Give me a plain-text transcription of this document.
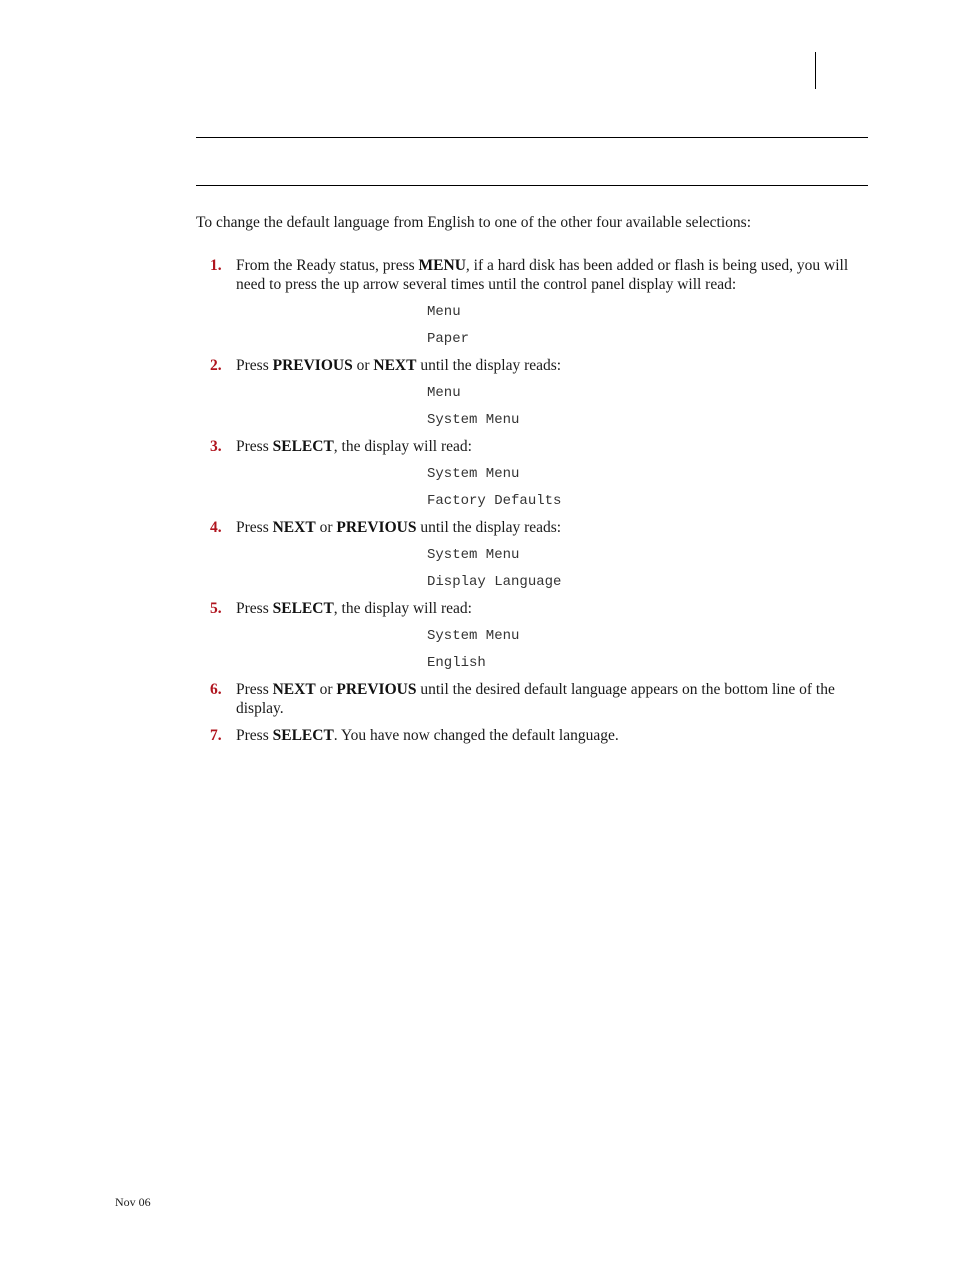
To change the default language from English to one of the other four available selections:

1. From the Ready status, press MENU, if a hard disk has been added or flash is being used, you will need to press the up arrow several times until the control panel display will read:
Menu
Paper
2. Press PREVIOUS or NEXT until the display reads:
Menu
System Menu
3. Press SELECT, the display will read:
System Menu
Factory Defaults
4. Press NEXT or PREVIOUS until the display reads:
System Menu
Display Language
5. Press SELECT, the display will read:
System Menu
English
6. Press NEXT or PREVIOUS until the desired default language appears on the bottom line of the display.
7. Press SELECT. You have now changed the default language.
Nov 06
